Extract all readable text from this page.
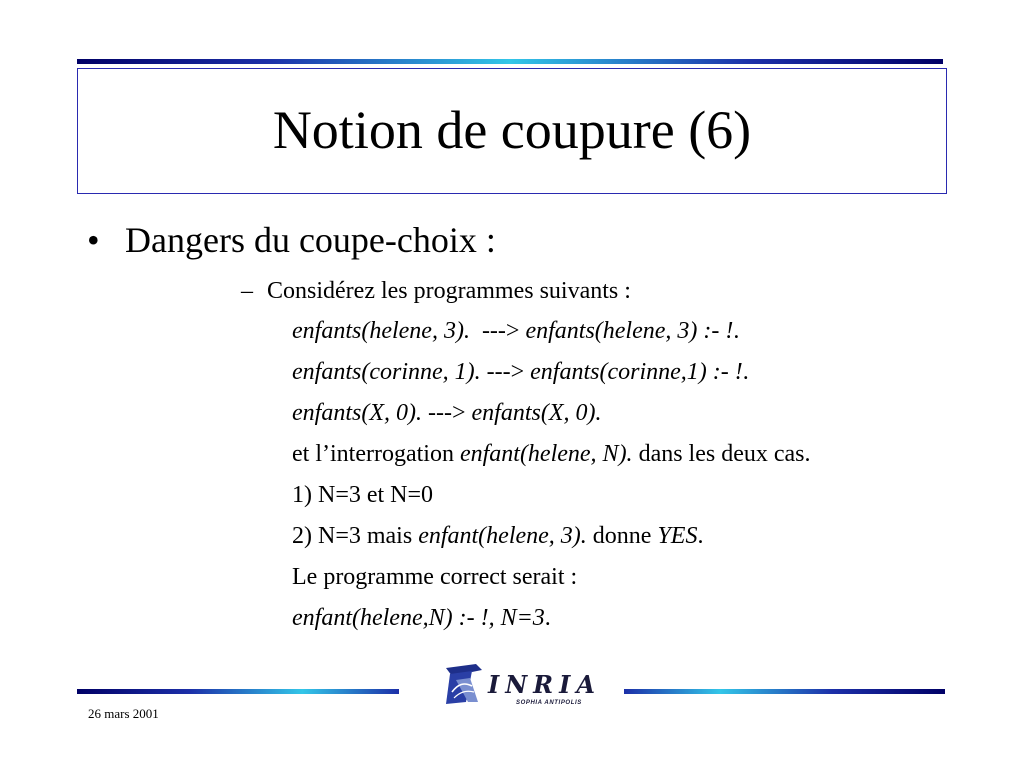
Notion de coupure (6)
• Dangers du coupe-choix :
– Considérez les programmes suivants :
enfants(helene, 3).  ---> enfants(helene, 3) :- !.
enfants(corinne, 1). ---> enfants(corinne,1) :- !.
enfants(X, 0). ---> enfants(X, 0).
et l’interrogation enfant(helene, N). dans les deux cas.
1) N=3 et N=0
2) N=3 mais enfant(helene, 3). donne YES.
Le programme correct serait :
enfant(helene,N) :- !, N=3.
INRIA
SOPHIA ANTIPOLIS
26 mars 2001
